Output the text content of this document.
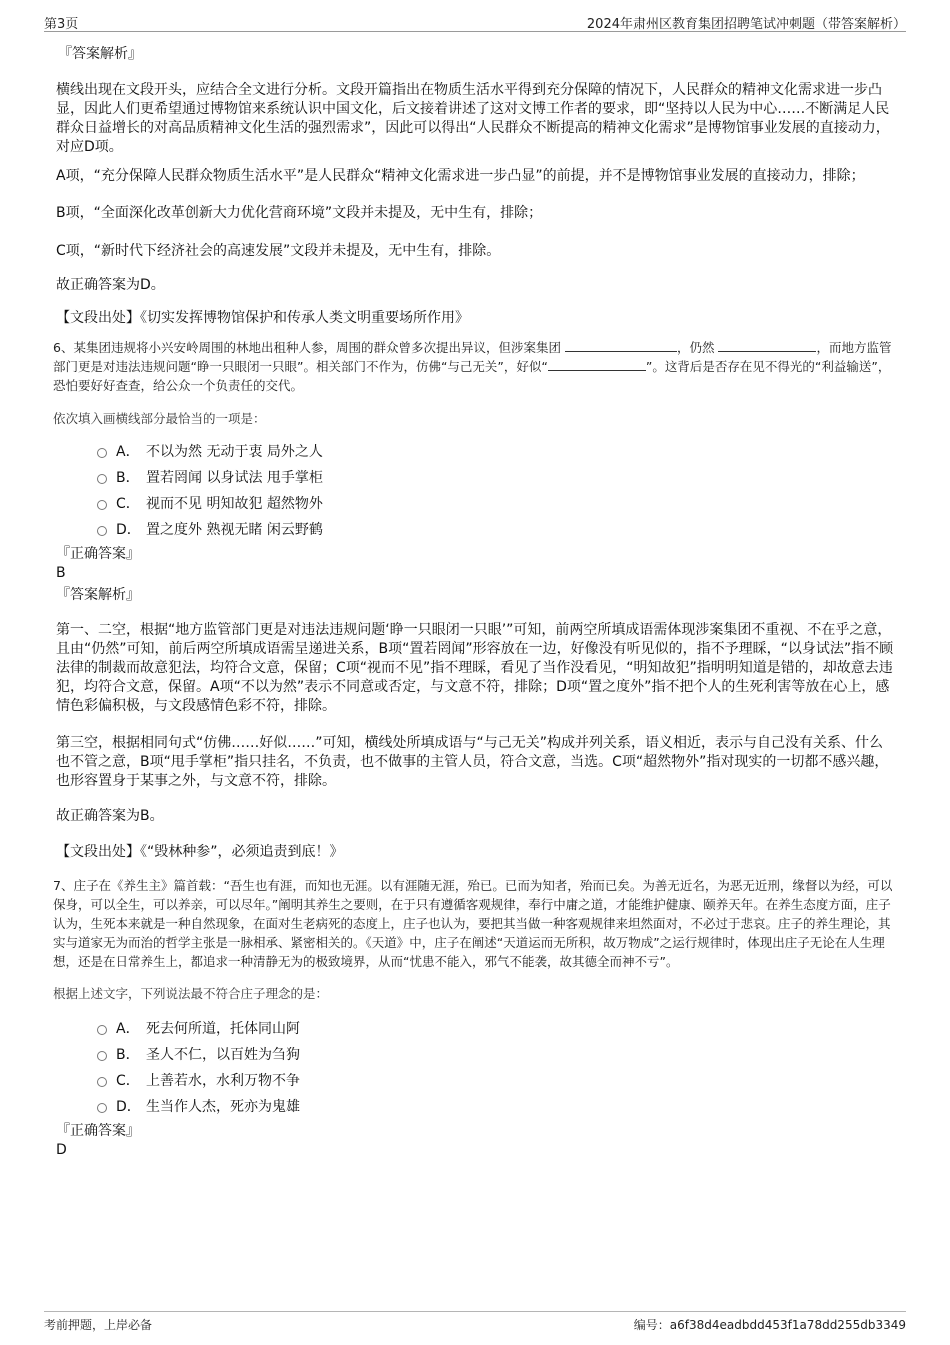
第3页	2024年肃州区教育集团招聘笔试冲刺题（带答案解析）
『答案解析』

横线出现在文段开头，应结合全文进行分析。文段开篇指出在物质生活水平得到充分保障的情况下，人民群众的精神文化需求进一步凸显，因此人们更希望通过博物馆来系统认识中国文化，后文接着讲述了这对文博工作者的要求，即“坚持以人民为中心……不断满足人民群众日益增长的对高品质精神文化生活的强烈需求”，因此可以得出“人民群众不断提高的精神文化需求”是博物馆事业发展的直接动力，对应D项。

A项，“充分保障人民群众物质生活水平”是人民群众“精神文化需求进一步凸显”的前提，并不是博物馆事业发展的直接动力，排除；

B项，“全面深化改革创新大力优化营商环境”文段并未提及，无中生有，排除；

C项，“新时代下经济社会的高速发展”文段并未提及，无中生有，排除。

故正确答案为D。

【文段出处】《切实发挥博物馆保护和传承人类文明重要场所作用》

6、某集团违规将小兴安岭周围的林地出租种人参，周围的群众曾多次提出异议，但涉案集团	，仍然	，而地方监管部门更是对违法违规问题“睁一只眼闭一只眼”。相关部门不作为，仿佛“与己无关”，好似“	”。这背后是否存在见不得光的“利益输送”，恐怕要好好查查，给公众一个负责任的交代。

依次填入画横线部分最恰当的一项是：

A． 不以为然 无动于衷 局外之人
B． 置若罔闻 以身试法 甩手掌柜
C． 视而不见 明知故犯 超然物外
D． 置之度外 熟视无睹 闲云野鹤
『正确答案』
B
『答案解析』

第一、二空，根据“地方监管部门更是对违法违规问题‘睁一只眼闭一只眼’”可知，前两空所填成语需体现涉案集团不重视、不在乎之意，且由“仍然”可知，前后两空所填成语需呈递进关系，B项“置若罔闻”形容放在一边，好像没有听见似的，指不予理睬，“以身试法”指不顾法律的制裁而故意犯法，均符合文意，保留；C项“视而不见”指不理睬，看见了当作没看见，“明知故犯”指明明知道是错的，却故意去违犯，均符合文意，保留。A项“不以为然”表示不同意或否定，与文意不符，排除；D项“置之度外”指不把个人的生死利害等放在心上，感情色彩偏积极，与文段感情色彩不符，排除。

第三空，根据相同句式“仿佛……好似……”可知，横线处所填成语与“与己无关”构成并列关系，语义相近，表示与自己没有关系、什么也不管之意，B项“甩手掌柜”指只挂名，不负责，也不做事的主管人员，符合文意，当选。C项“超然物外”指对现实的一切都不感兴趣，也形容置身于某事之外，与文意不符，排除。

故正确答案为B。

【文段出处】《“毁林种参”，必须追责到底！》

7、庄子在《养生主》篇首载：“吾生也有涯，而知也无涯。以有涯随无涯，殆已。已而为知者，殆而已矣。为善无近名，为恶无近刑，缘督以为经，可以保身，可以全生，可以养亲，可以尽年。”阐明其养生之要则，在于只有遵循客观规律，奉行中庸之道，才能维护健康、颐养天年。在养生态度方面，庄子认为，生死本来就是一种自然现象，在面对生老病死的态度上，庄子也认为，要把其当做一种客观规律来坦然面对，不必过于悲哀。庄子的养生理论，其实与道家无为而治的哲学主张是一脉相承、紧密相关的。《天道》中，庄子在阐述“天道运而无所积，故万物成”之运行规律时，体现出庄子无论在人生理想，还是在日常养生上，都追求一种清静无为的极致境界，从而“忧患不能入，邪气不能袭，故其德全而神不亏”。

根据上述文字，下列说法最不符合庄子理念的是：

A． 死去何所道，托体同山阿
B． 圣人不仁，以百姓为刍狗
C． 上善若水，水利万物不争
D． 生当作人杰，死亦为鬼雄
『正确答案』
D
考前押题，上岸必备	编号：a6f38d4eadbdd453f1a78dd255db3349
